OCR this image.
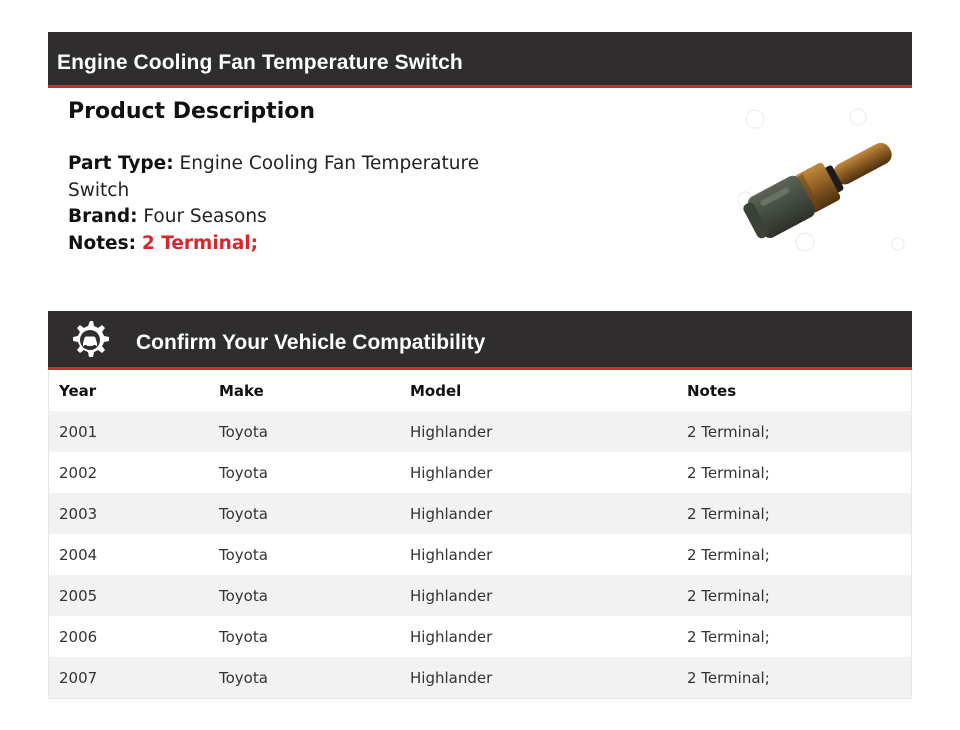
Engine Cooling Fan Temperature Switch
Product Description
Part Type: Engine Cooling Fan Temperature Switch
Brand: Four Seasons
Notes: 2 Terminal;
Confirm Your Vehicle Compatibility
Year	Make	Model	Notes
2001	Toyota	Highlander	2 Terminal;
2002	Toyota	Highlander	2 Terminal;
2003	Toyota	Highlander	2 Terminal;
2004	Toyota	Highlander	2 Terminal;
2005	Toyota	Highlander	2 Terminal;
2006	Toyota	Highlander	2 Terminal;
2007	Toyota	Highlander	2 Terminal;
